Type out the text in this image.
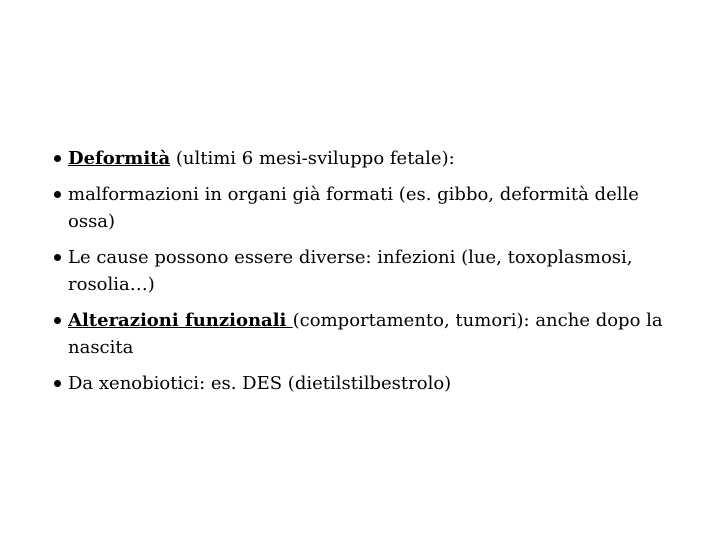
Deformità (ultimi 6 mesi-sviluppo fetale):
malformazioni in organi già formati (es. gibbo, deformità delle ossa)
Le cause possono essere diverse: infezioni (lue, toxoplasmosi, rosolia…)
Alterazioni funzionali (comportamento, tumori): anche dopo la nascita
Da xenobiotici: es. DES (dietilstilbestrolo)
